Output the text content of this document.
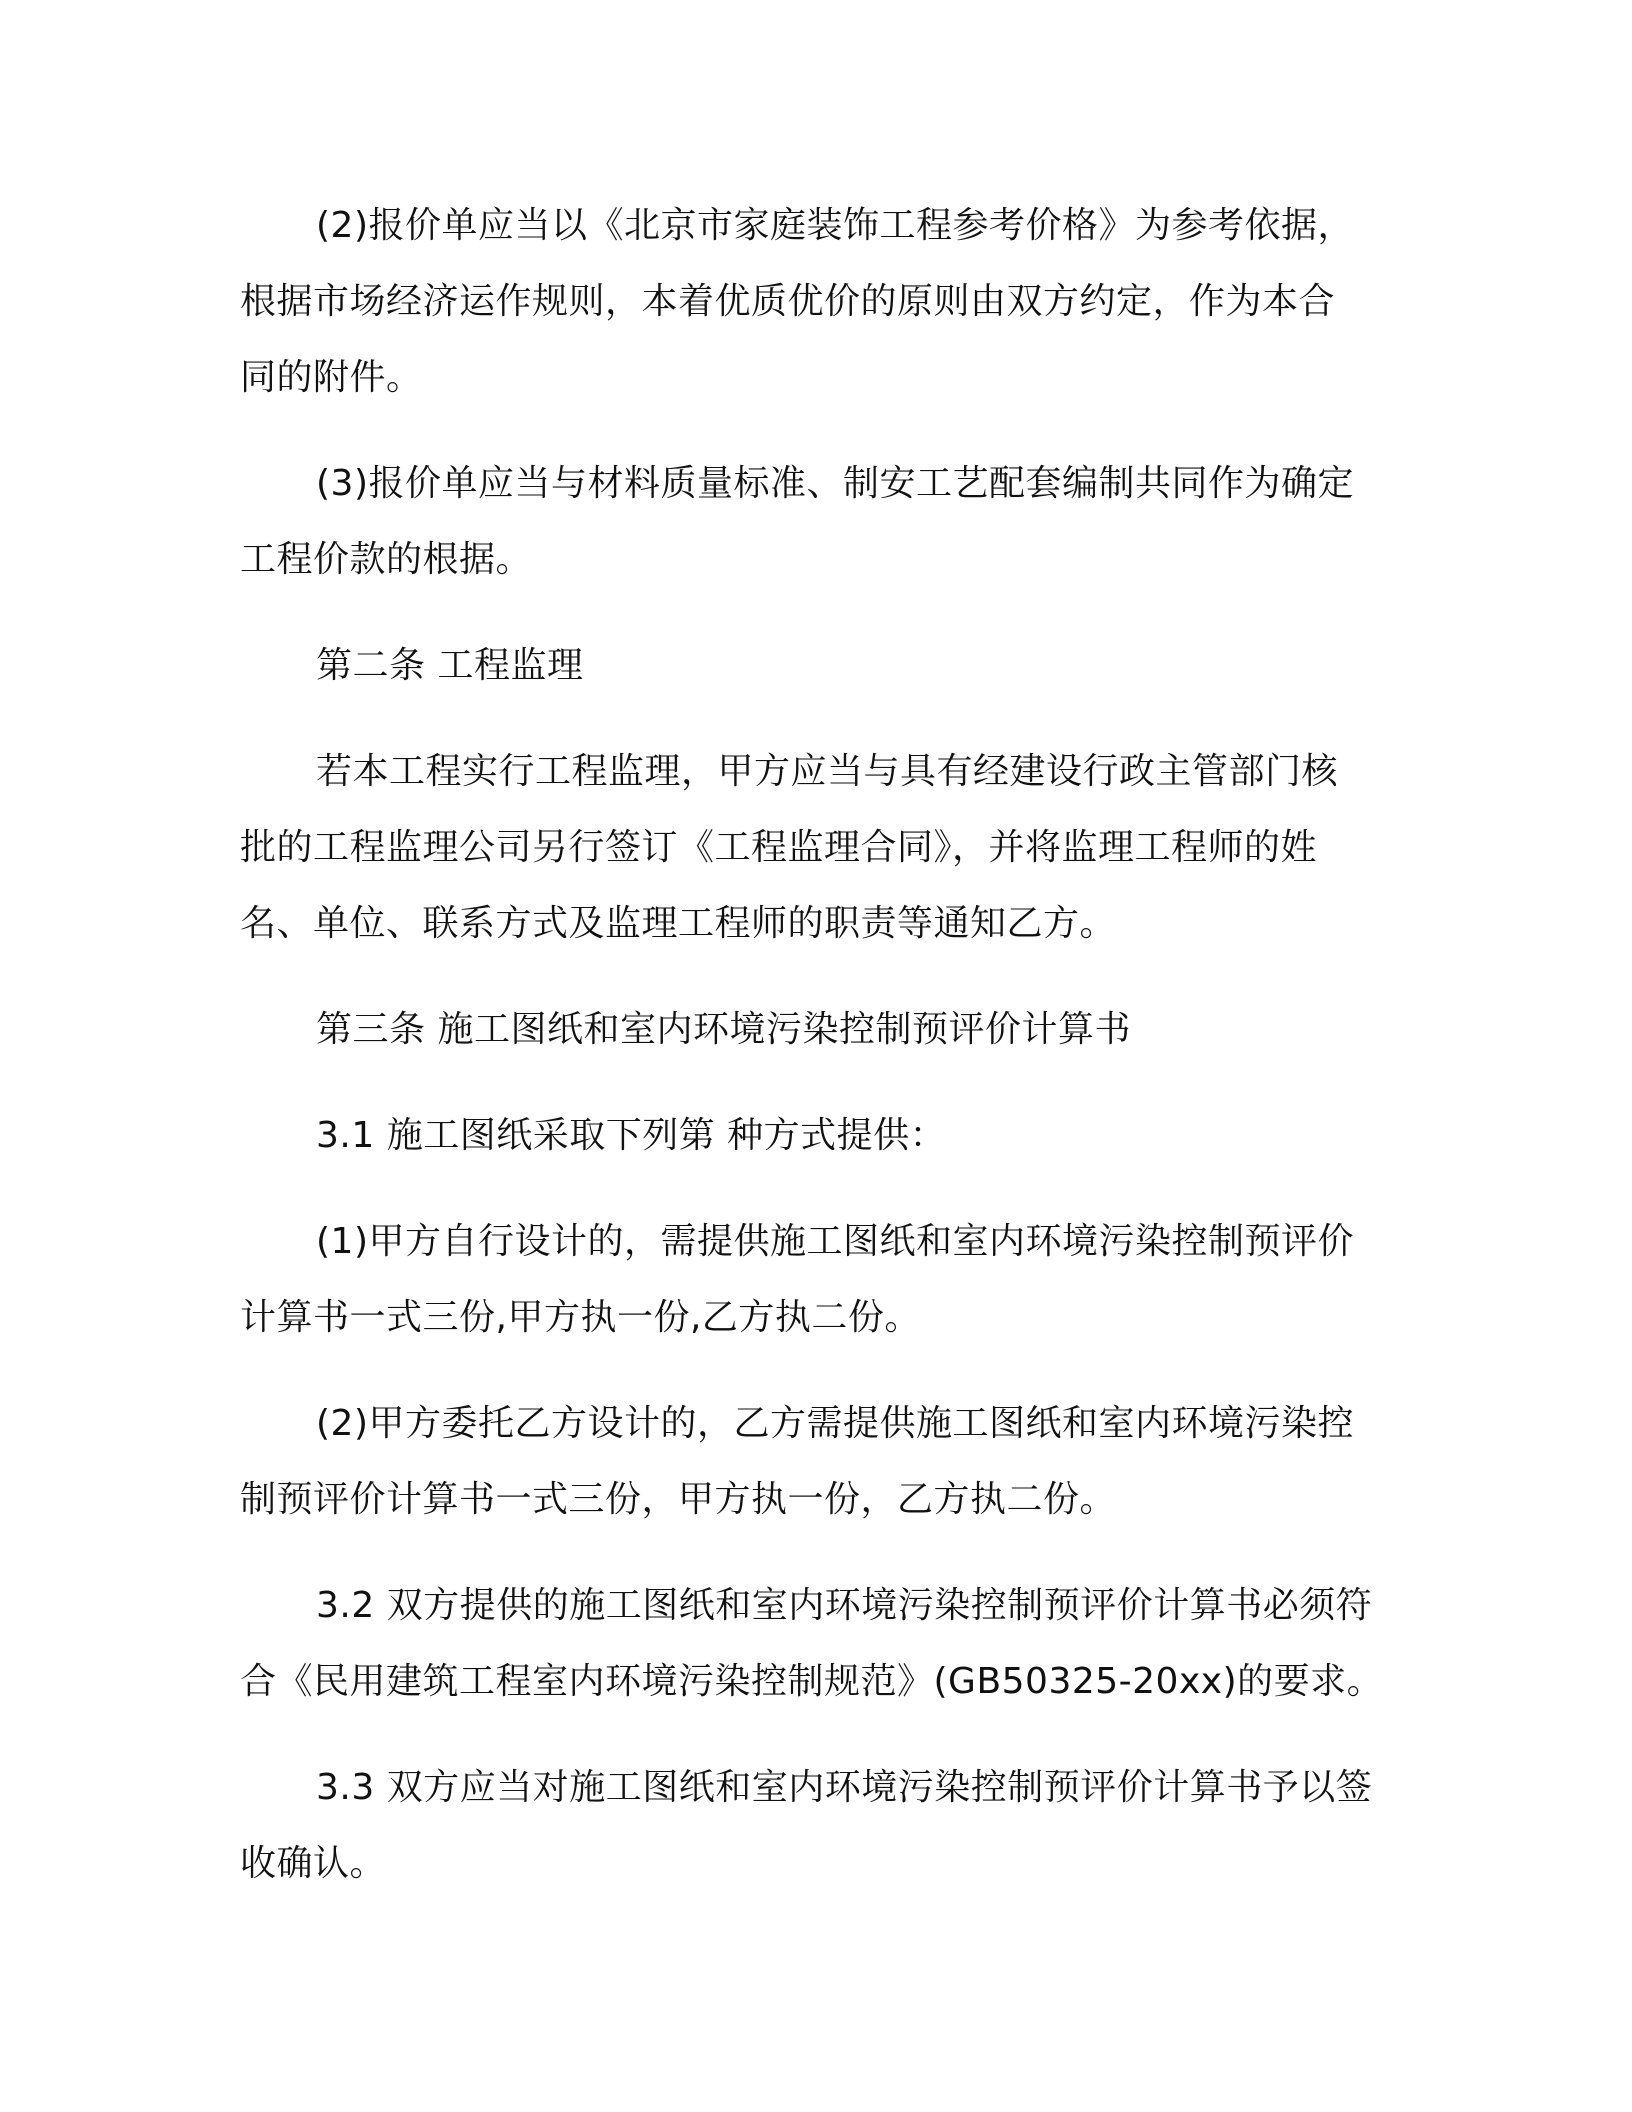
(2)报价单应当以《北京市家庭装饰工程参考价格》为参考依据，
根据市场经济运作规则，本着优质优价的原则由双方约定，作为本合
同的附件。

(3)报价单应当与材料质量标准、制安工艺配套编制共同作为确定
工程价款的根据。

第二条 工程监理

若本工程实行工程监理，甲方应当与具有经建设行政主管部门核
批的工程监理公司另行签订《工程监理合同》，并将监理工程师的姓
名、单位、联系方式及监理工程师的职责等通知乙方。

第三条 施工图纸和室内环境污染控制预评价计算书

3.1 施工图纸采取下列第 种方式提供：

(1)甲方自行设计的，需提供施工图纸和室内环境污染控制预评价
计算书一式三份,甲方执一份,乙方执二份。

(2)甲方委托乙方设计的，乙方需提供施工图纸和室内环境污染控
制预评价计算书一式三份，甲方执一份，乙方执二份。

3.2 双方提供的施工图纸和室内环境污染控制预评价计算书必须符
合《民用建筑工程室内环境污染控制规范》(GB50325-20xx)的要求。

3.3 双方应当对施工图纸和室内环境污染控制预评价计算书予以签
收确认。
